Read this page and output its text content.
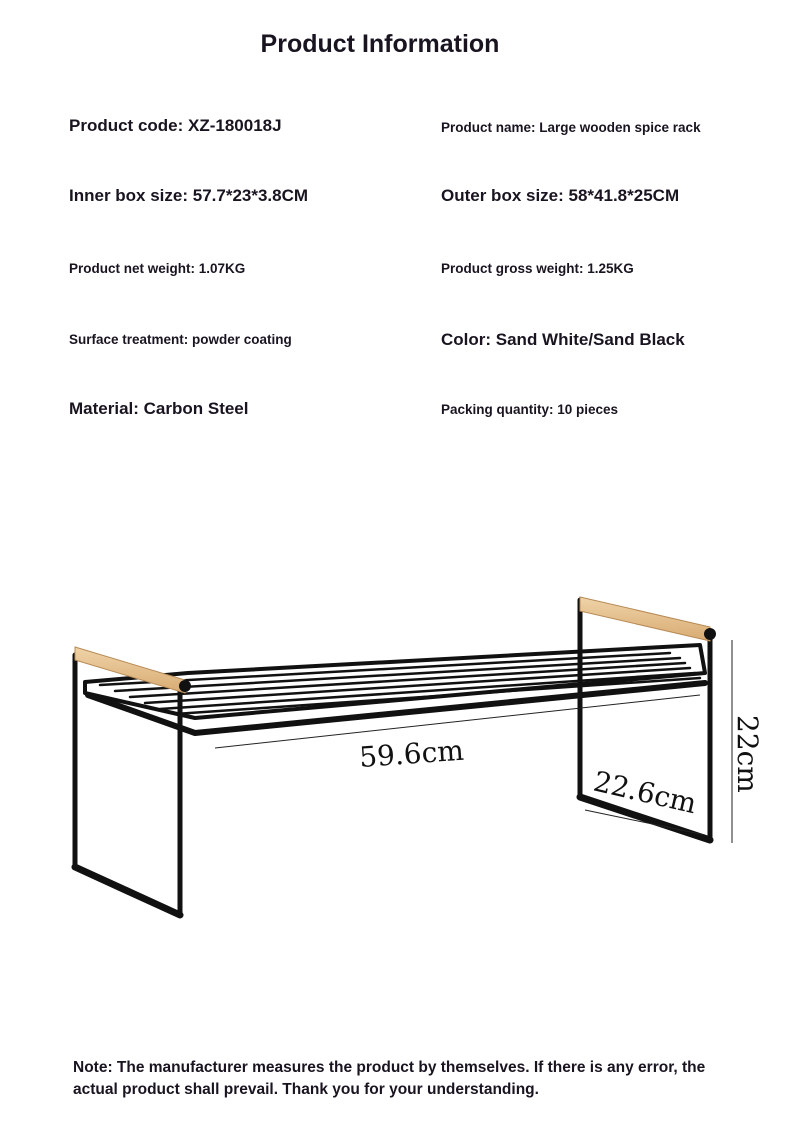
Product Information
Product code: XZ-180018J	Product name: Large wooden spice rack
Inner box size: 57.7*23*3.8CM	Outer box size: 58*41.8*25CM
Product net weight: 1.07KG	Product gross weight: 1.25KG
Surface treatment: powder coating	Color: Sand White/Sand Black
Material: Carbon Steel	Packing quantity: 10 pieces
59.6cm
22.6cm 22cm
Note: The manufacturer measures the product by themselves. If there is any error, the actual product shall prevail. Thank you for your understanding.
